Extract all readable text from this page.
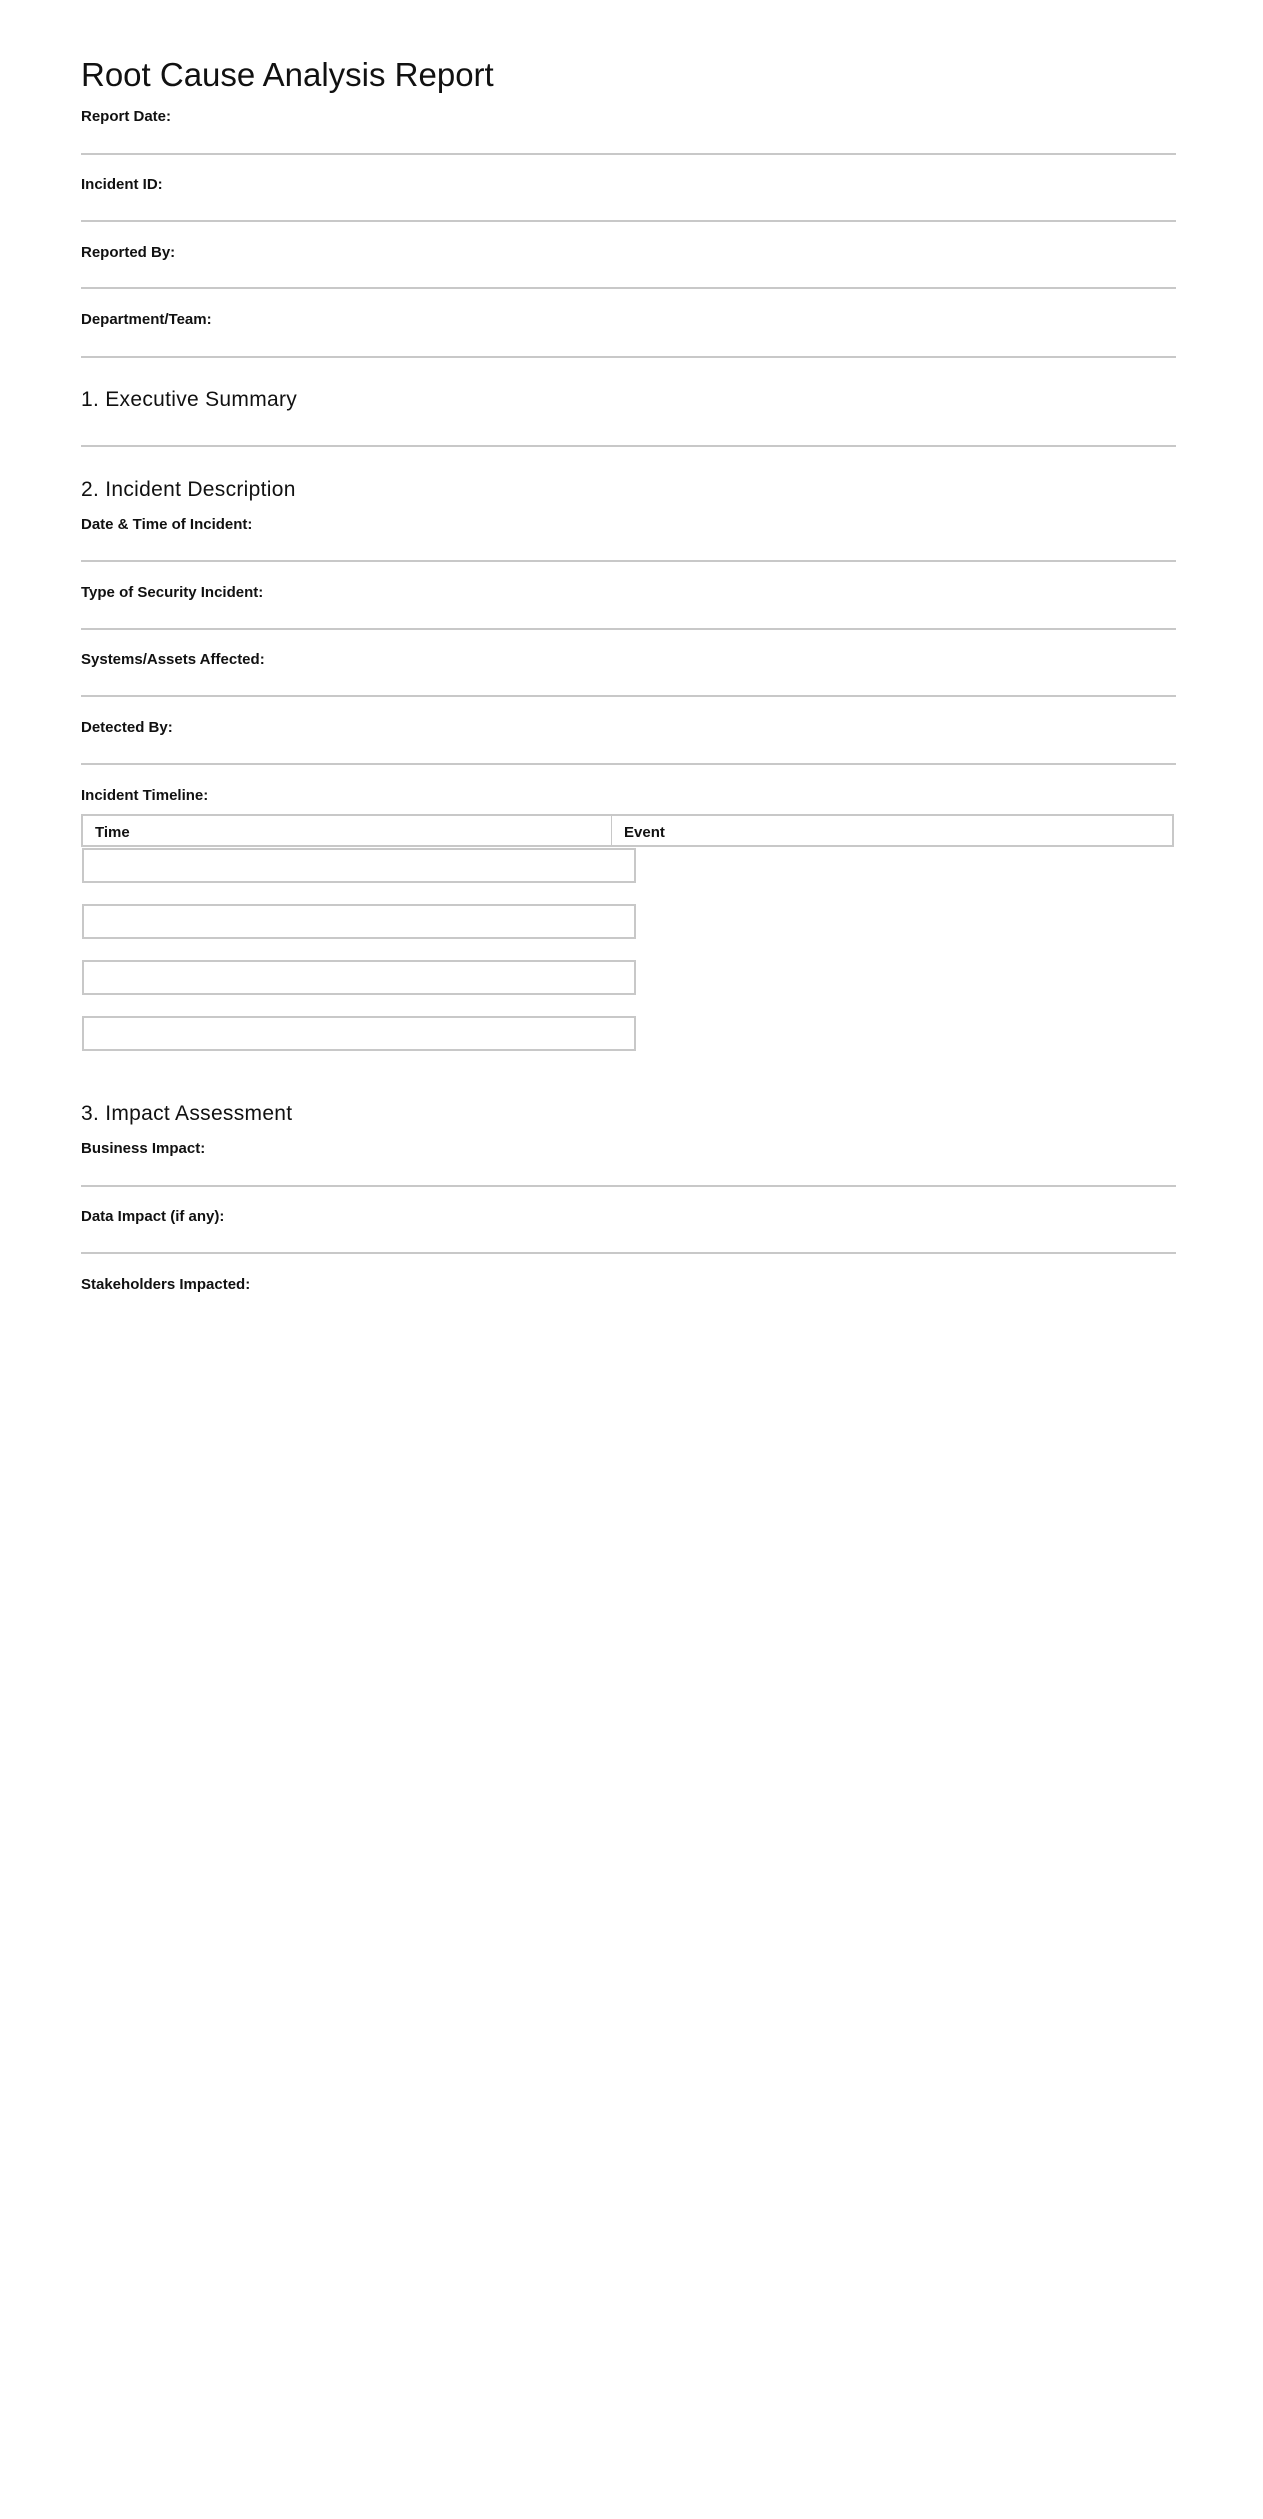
Root Cause Analysis Report
Report Date:
Incident ID:
Reported By:
Department/Team:
1. Executive Summary
2. Incident Description
Date & Time of Incident:
Type of Security Incident:
Systems/Assets Affected:
Detected By:
Incident Timeline:
Time	Event
3. Impact Assessment
Business Impact:
Data Impact (if any):
Stakeholders Impacted:
